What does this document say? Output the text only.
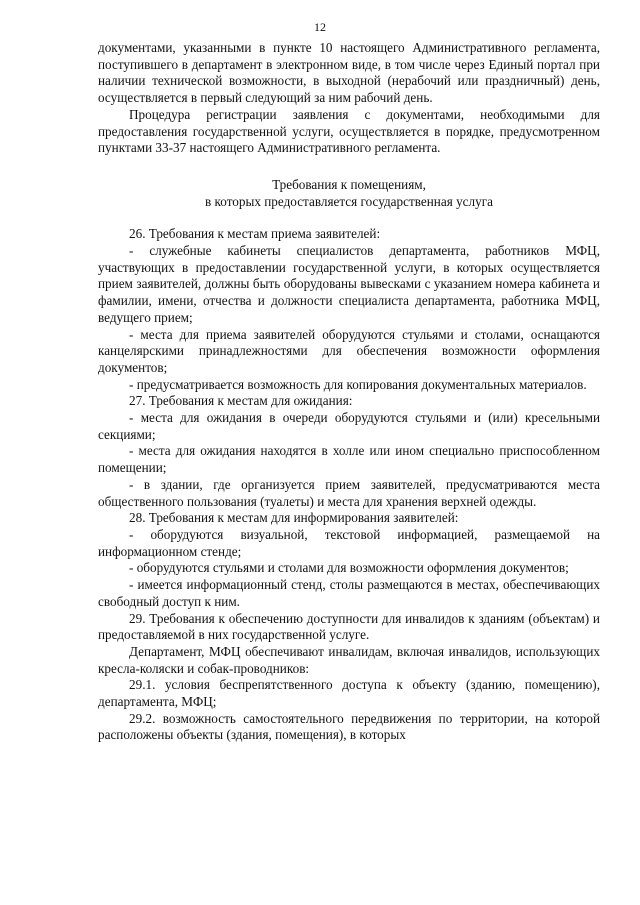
12

документами, указанными в пункте 10 настоящего Административного регламента, поступившего в департамент в электронном виде, в том числе через Единый портал при наличии технической возможности, в выходной (нерабочий или праздничный) день, осуществляется в первый следующий за ним рабочий день.

Процедура регистрации заявления с документами, необходимыми для предоставления государственной услуги, осуществляется в порядке, предусмотренном пунктами 33-37 настоящего Административного регламента.

Требования к помещениям,
в которых предоставляется государственная услуга

26. Требования к местам приема заявителей:

- служебные кабинеты специалистов департамента, работников МФЦ, участвующих в предоставлении государственной услуги, в которых осуществляется прием заявителей, должны быть оборудованы вывесками с указанием номера кабинета и фамилии, имени, отчества и должности специалиста департамента, работника МФЦ, ведущего прием;

- места для приема заявителей оборудуются стульями и столами, оснащаются канцелярскими принадлежностями для обеспечения возможности оформления документов;

- предусматривается возможность для копирования документальных материалов.

27. Требования к местам для ожидания:

- места для ожидания в очереди оборудуются стульями и (или) кресельными секциями;

- места для ожидания находятся в холле или ином специально приспособленном помещении;

- в здании, где организуется прием заявителей, предусматриваются места общественного пользования (туалеты) и места для хранения верхней одежды.

28. Требования к местам для информирования заявителей:

- оборудуются визуальной, текстовой информацией, размещаемой на информационном стенде;

- оборудуются стульями и столами для возможности оформления документов;

- имеется информационный стенд, столы размещаются в местах, обеспечивающих свободный доступ к ним.

29. Требования к обеспечению доступности для инвалидов к зданиям (объектам) и предоставляемой в них государственной услуге.

Департамент, МФЦ обеспечивают инвалидам, включая инвалидов, использующих кресла-коляски и собак-проводников:

29.1. условия беспрепятственного доступа к объекту (зданию, помещению), департамента, МФЦ;

29.2. возможность самостоятельного передвижения по территории, на которой расположены объекты (здания, помещения), в которых
